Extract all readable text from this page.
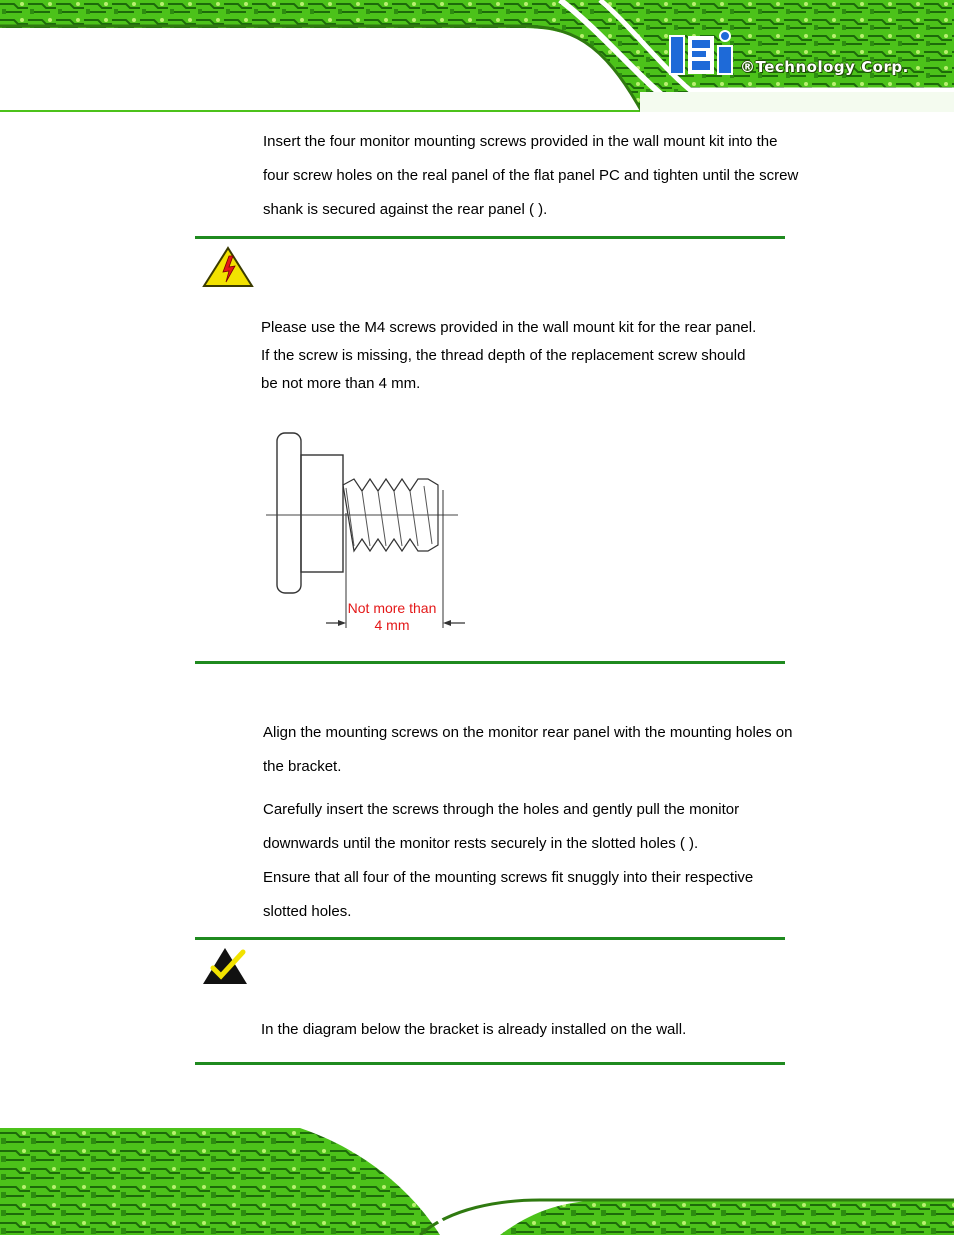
®Technology Corp.
Insert the four monitor mounting screws provided in the wall mount kit into the
four screw holes on the real panel of the flat panel PC and tighten until the screw
shank is secured against the rear panel ( ).
Please use the M4 screws provided in the wall mount kit for the rear panel.
If the screw is missing, the thread depth of the replacement screw should
be not more than 4 mm.
Not more than
4 mm
Align the mounting screws on the monitor rear panel with the mounting holes on
the bracket.
Carefully insert the screws through the holes and gently pull the monitor
downwards until the monitor rests securely in the slotted holes ( ).
Ensure that all four of the mounting screws fit snuggly into their respective
slotted holes.
In the diagram below the bracket is already installed on the wall.
